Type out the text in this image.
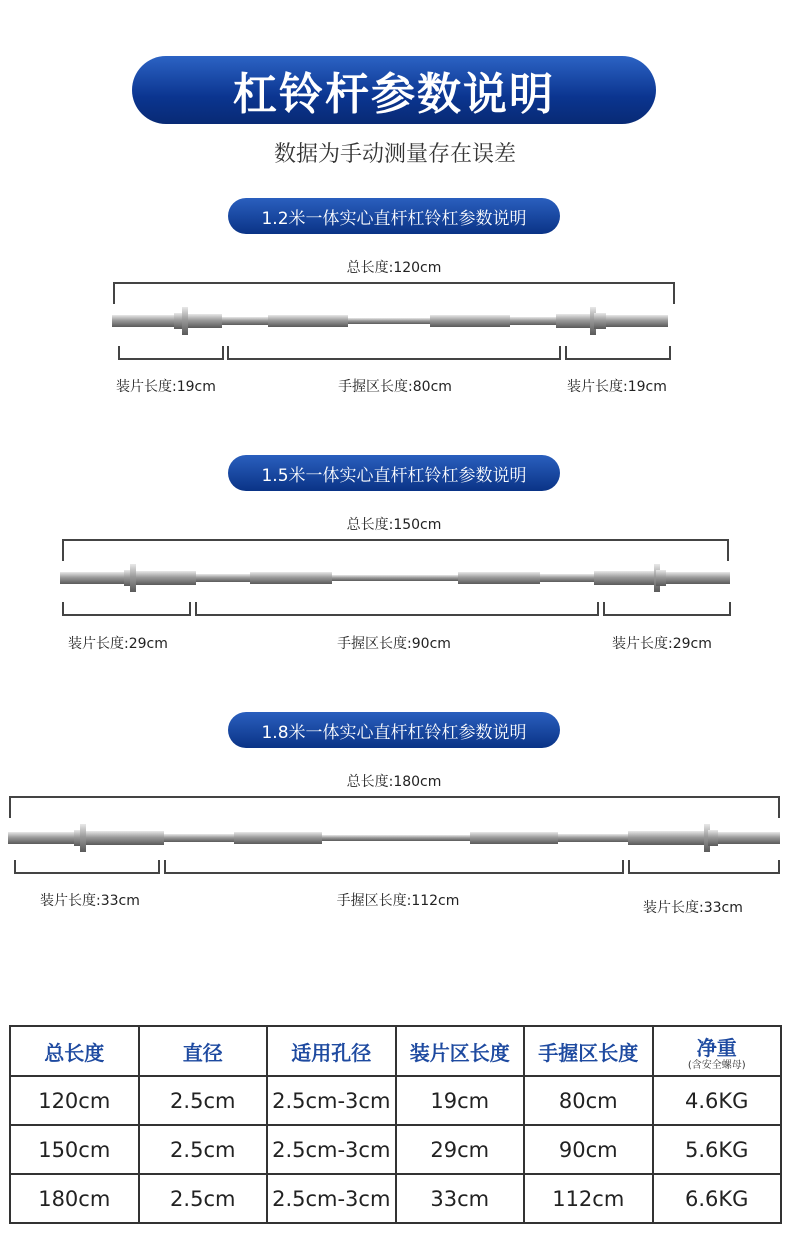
杠铃杆参数说明
数据为手动测量存在误差
1.2米一体实心直杆杠铃杠参数说明
总长度:120cm
装片长度:19cm	手握区长度:80cm	装片长度:19cm
1.5米一体实心直杆杠铃杠参数说明
总长度:150cm
装片长度:29cm	手握区长度:90cm	装片长度:29cm
1.8米一体实心直杆杠铃杠参数说明
总长度:180cm
装片长度:33cm	手握区长度:112cm	装片长度:33cm
总长度	直径	适用孔径	装片区长度	手握区长度	净重
(含安全螺母)

120cm	2.5cm	2.5cm-3cm	19cm	80cm	4.6KG
150cm	2.5cm	2.5cm-3cm	29cm	90cm	5.6KG
180cm	2.5cm	2.5cm-3cm	33cm	112cm	6.6KG
